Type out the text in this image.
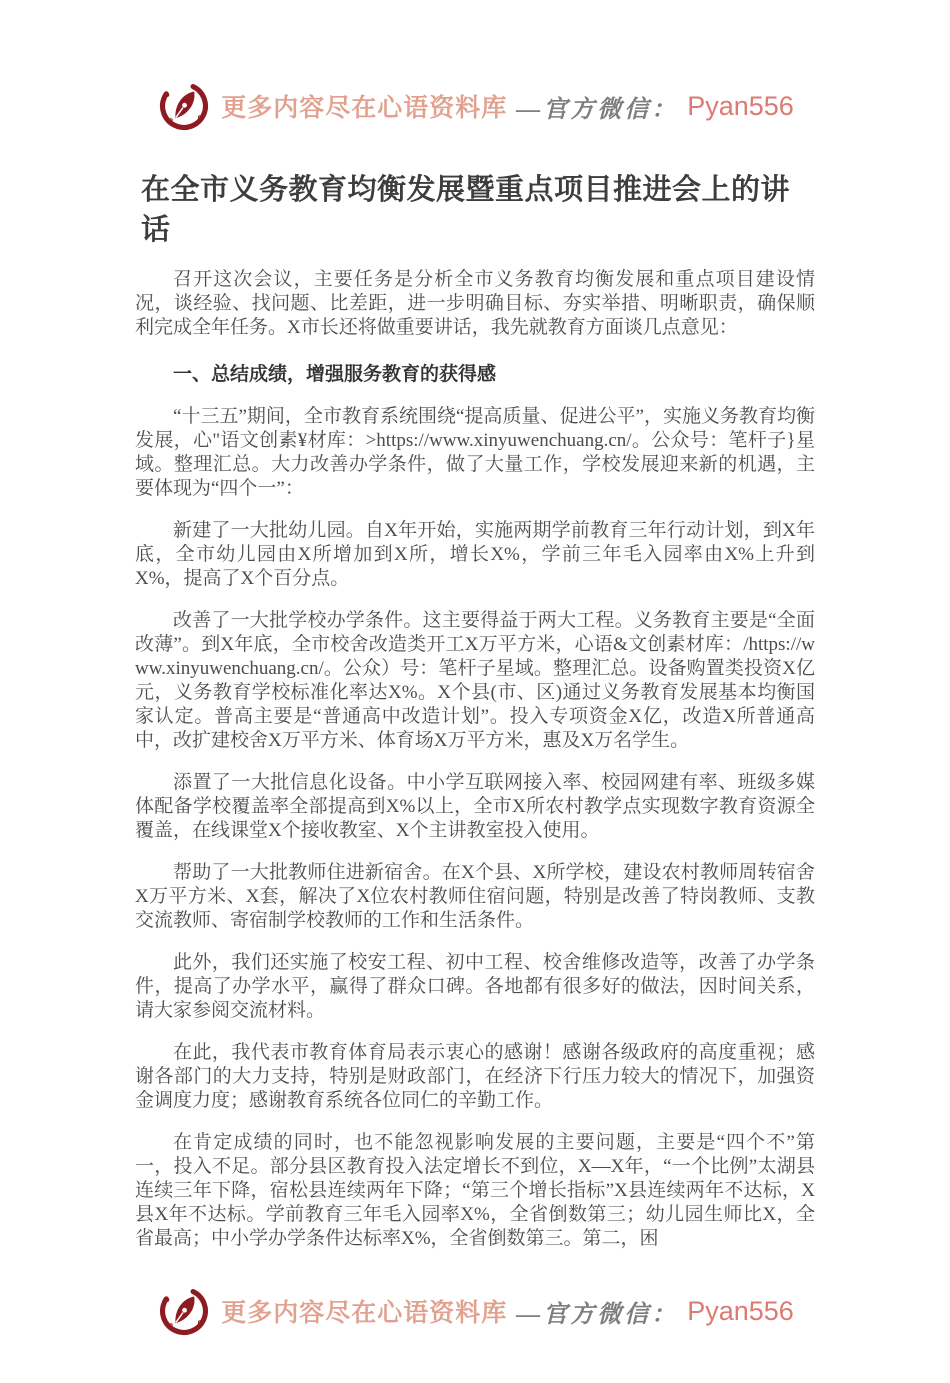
更多内容尽在心语资料库 —官方微信： Pyan556
在全市义务教育均衡发展暨重点项目推进会上的讲话

召开这次会议，主要任务是分析全市义务教育均衡发展和重点项目建设情况，谈经验、找问题、比差距，进一步明确目标、夯实举措、明晰职责，确保顺利完成全年任务。X市长还将做重要讲话，我先就教育方面谈几点意见：

一、总结成绩，增强服务教育的获得感

“十三五”期间，全市教育系统围绕“提高质量、促进公平”，实施义务教育均衡发展，心"语文创素¥材库：>https://www.xinyuwenchuang.cn/。公众号：笔杆子}星域。整理汇总。大力改善办学条件，做了大量工作，学校发展迎来新的机遇，主要体现为“四个一”：

新建了一大批幼儿园。自X年开始，实施两期学前教育三年行动计划，到X年底，全市幼儿园由X所增加到X所，增长X%，学前三年毛入园率由X%上升到X%，提高了X个百分点。

改善了一大批学校办学条件。这主要得益于两大工程。义务教育主要是“全面改薄”。到X年底，全市校舍改造类开工X万平方米，心语&文创素材库：/https://www.xinyuwenchuang.cn/。公众）号：笔杆子星域。整理汇总。设备购置类投资X亿元，义务教育学校标准化率达X%。X个县(市、区)通过义务教育发展基本均衡国家认定。普高主要是“普通高中改造计划”。投入专项资金X亿，改造X所普通高中，改扩建校舍X万平方米、体育场X万平方米，惠及X万名学生。

添置了一大批信息化设备。中小学互联网接入率、校园网建有率、班级多媒体配备学校覆盖率全部提高到X%以上，全市X所农村教学点实现数字教育资源全覆盖，在线课堂X个接收教室、X个主讲教室投入使用。

帮助了一大批教师住进新宿舍。在X个县、X所学校，建设农村教师周转宿舍X万平方米、X套，解决了X位农村教师住宿问题，特别是改善了特岗教师、支教交流教师、寄宿制学校教师的工作和生活条件。

此外，我们还实施了校安工程、初中工程、校舍维修改造等，改善了办学条件，提高了办学水平，赢得了群众口碑。各地都有很多好的做法，因时间关系，请大家参阅交流材料。

在此，我代表市教育体育局表示衷心的感谢！感谢各级政府的高度重视；感谢各部门的大力支持，特别是财政部门，在经济下行压力较大的情况下，加强资金调度力度；感谢教育系统各位同仁的辛勤工作。

在肯定成绩的同时，也不能忽视影响发展的主要问题，主要是“四个不”第一，投入不足。部分县区教育投入法定增长不到位，X—X年，“一个比例”太湖县连续三年下降，宿松县连续两年下降；“第三个增长指标”X县连续两年不达标，X县X年不达标。学前教育三年毛入园率X%，全省倒数第三；幼儿园生师比X，全省最高；中小学办学条件达标率X%，全省倒数第三。第二，困

更多内容尽在心语资料库 —官方微信： Pyan556
